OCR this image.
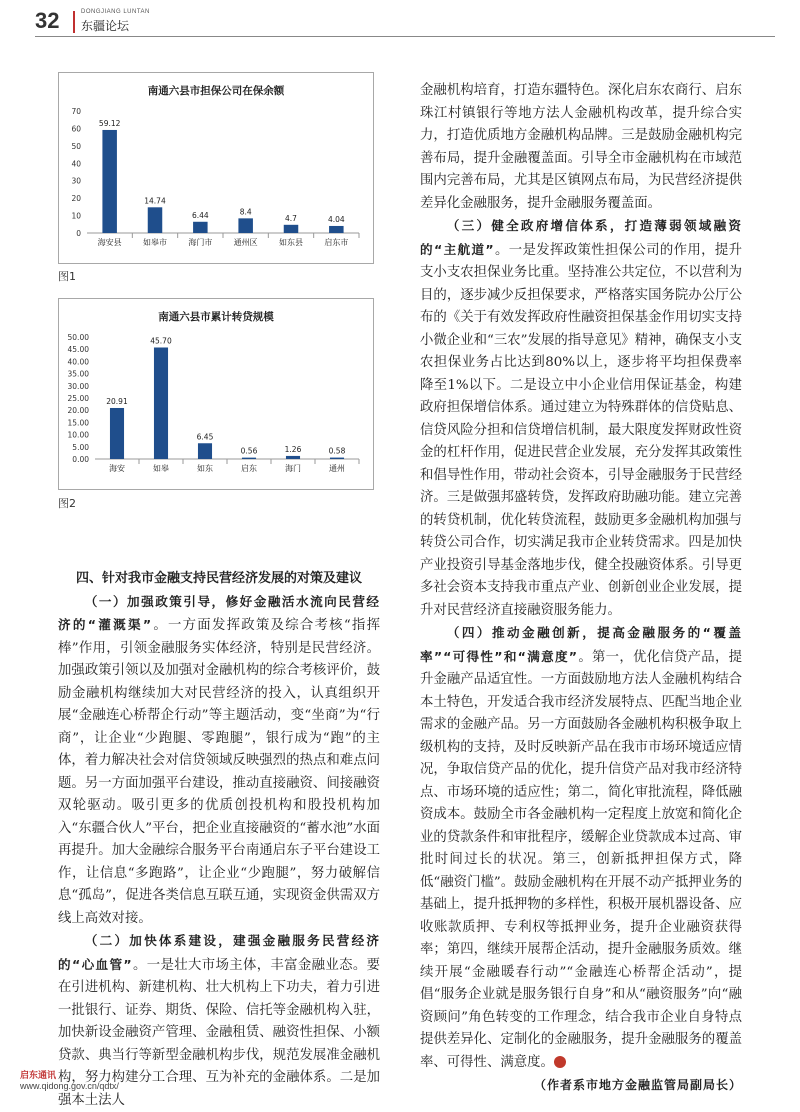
32	DONGJIANG LUNTAN
东疆论坛
南通六县市担保公司在保余额
0
10
20
30
40
50
60
70
59.12
海安县
14.74
如皋市
6.44
海门市
8.4
通州区
4.7
如东县
4.04
启东市
图1
南通六县市累计转贷规模
0.00
5.00
10.00
15.00
20.00
25.00
30.00
35.00
40.00
45.00
50.00
20.91
海安
45.70
如皋
6.45
如东
0.56
启东
1.26
海门
0.58
通州
图2

四、针对我市金融支持民营经济发展的对策及建议

（一）加强政策引导，修好金融活水流向民营经济的“灌溉渠”。一方面发挥政策及综合考核“指挥棒”作用，引领金融服务实体经济，特别是民营经济。加强政策引领以及加强对金融机构的综合考核评价，鼓励金融机构继续加大对民营经济的投入，认真组织开展“金融连心桥帮企行动”等主题活动，变“坐商”为“行商”，让企业“少跑腿、零跑腿”，银行成为“跑”的主体，着力解决社会对信贷领域反映强烈的热点和难点问题。另一方面加强平台建设，推动直接融资、间接融资双轮驱动。吸引更多的优质创投机构和股投机构加入“东疆合伙人”平台，把企业直接融资的“蓄水池”水面再提升。加大金融综合服务平台南通启东子平台建设工作，让信息“多跑路”，让企业“少跑腿”，努力破解信息“孤岛”，促进各类信息互联互通，实现资金供需双方线上高效对接。

（二）加快体系建设，建强金融服务民营经济的“心血管”。一是壮大市场主体，丰富金融业态。要在引进机构、新建机构、壮大机构上下功夫，着力引进一批银行、证券、期货、保险、信托等金融机构入驻，加快新设金融资产管理、金融租赁、融资性担保、小额贷款、典当行等新型金融机构步伐，规范发展准金融机构，努力构建分工合理、互为补充的金融体系。二是加强本土法人

金融机构培育，打造东疆特色。深化启东农商行、启东珠江村镇银行等地方法人金融机构改革，提升综合实力，打造优质地方金融机构品牌。三是鼓励金融机构完善布局，提升金融覆盖面。引导全市金融机构在市域范围内完善布局，尤其是区镇网点布局，为民营经济提供差异化金融服务，提升金融服务覆盖面。

（三）健全政府增信体系，打造薄弱领域融资的“主航道”。一是发挥政策性担保公司的作用，提升支小支农担保业务比重。坚持准公共定位，不以营利为目的，逐步减少反担保要求，严格落实国务院办公厅公布的《关于有效发挥政府性融资担保基金作用切实支持小微企业和“三农”发展的指导意见》精神，确保支小支农担保业务占比达到80%以上，逐步将平均担保费率降至1%以下。二是设立中小企业信用保证基金，构建政府担保增信体系。通过建立为特殊群体的信贷贴息、信贷风险分担和信贷增信机制，最大限度发挥财政性资金的杠杆作用，促进民营企业发展，充分发挥其政策性和倡导性作用，带动社会资本，引导金融服务于民营经济。三是做强邦盛转贷，发挥政府助融功能。建立完善的转贷机制，优化转贷流程，鼓励更多金融机构加强与转贷公司合作，切实满足我市企业转贷需求。四是加快产业投资引导基金落地步伐，健全投融资体系。引导更多社会资本支持我市重点产业、创新创业企业发展，提升对民营经济直接融资服务能力。

（四）推动金融创新，提高金融服务的“覆盖率”“可得性”和“满意度”。第一，优化信贷产品，提升金融产品适宜性。一方面鼓励地方法人金融机构结合本土特色，开发适合我市经济发展特点、匹配当地企业需求的金融产品。另一方面鼓励各金融机构积极争取上级机构的支持，及时反映新产品在我市市场环境适应情况，争取信贷产品的优化，提升信贷产品对我市经济特点、市场环境的适应性；第二，简化审批流程，降低融资成本。鼓励全市各金融机构一定程度上放宽和简化企业的贷款条件和审批程序，缓解企业贷款成本过高、审批时间过长的状况。第三，创新抵押担保方式，降低“融资门槛”。鼓励金融机构在开展不动产抵押业务的基础上，提升抵押物的多样性，积极开展机器设备、应收账款质押、专利权等抵押业务，提升企业融资获得率；第四，继续开展帮企活动，提升金融服务质效。继续开展“金融暖春行动”“金融连心桥帮企活动”，提倡“服务企业就是服务银行自身”和从“融资服务”向“融资顾问”角色转变的工作理念，结合我市企业自身特点提供差异化、定制化的金融服务，提升金融服务的覆盖率、可得性、满意度。	东

（作者系市地方金融监管局副局长）

启东通讯
www.qidong.gov.cn/qdtx/
